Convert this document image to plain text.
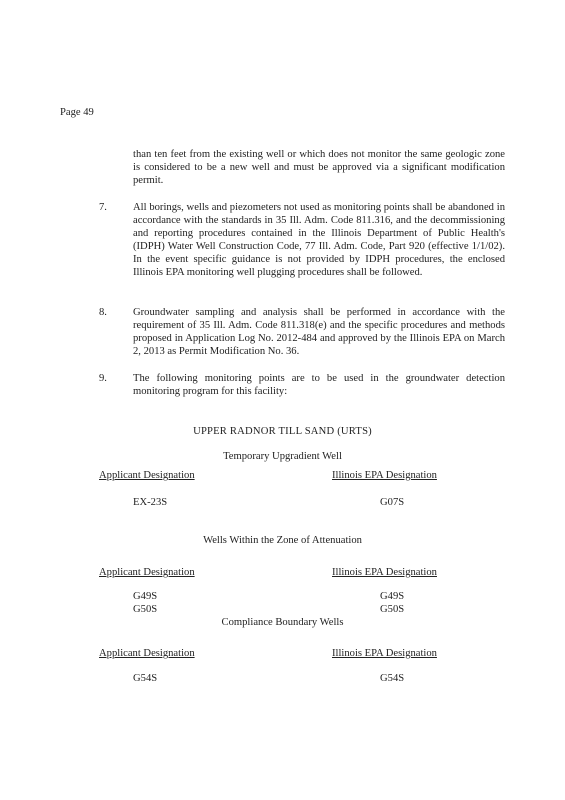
Page 49

than ten feet from the existing well or which does not monitor the same geologic zone is considered to be a new well and must be approved via a significant modification permit.

7. All borings, wells and piezometers not used as monitoring points shall be abandoned in accordance with the standards in 35 Ill. Adm. Code 811.316, and the decommissioning and reporting procedures contained in the Illinois Department of Public Health's (IDPH) Water Well Construction Code, 77 Ill. Adm. Code, Part 920 (effective 1/1/02). In the event specific guidance is not provided by IDPH procedures, the enclosed Illinois EPA monitoring well plugging procedures shall be followed.

8. Groundwater sampling and analysis shall be performed in accordance with the requirement of 35 Ill. Adm. Code 811.318(e) and the specific procedures and methods proposed in Application Log No. 2012-484 and approved by the Illinois EPA on March 2, 2013 as Permit Modification No. 36.

9. The following monitoring points are to be used in the groundwater detection monitoring program for this facility:

UPPER RADNOR TILL SAND (URTS)
Temporary Upgradient Well
Applicant Designation	Illinois EPA Designation
EX-23S	G07S
Wells Within the Zone of Attenuation
Applicant Designation	Illinois EPA Designation
G49S	G49S
G50S	G50S
Compliance Boundary Wells
Applicant Designation	Illinois EPA Designation
G54S	G54S
